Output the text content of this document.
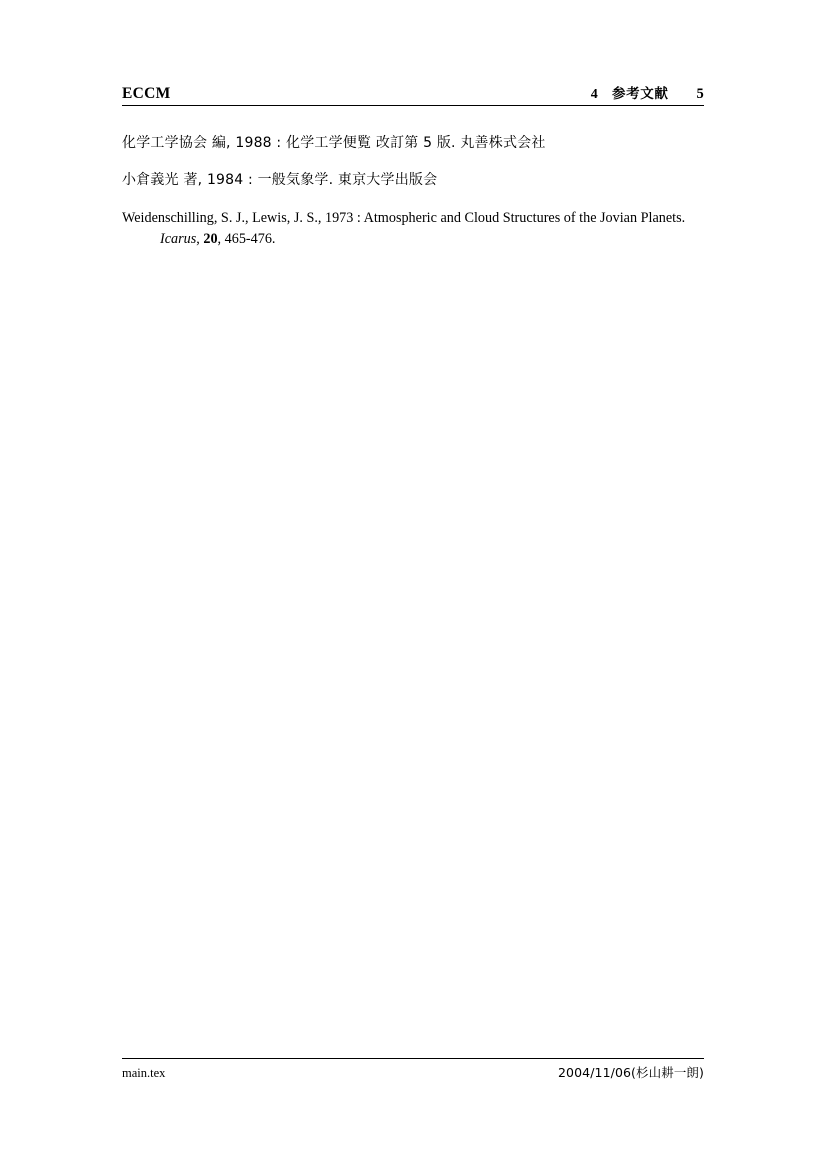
ECCM	4 参考文献 5
化学工学協会 編, 1988 : 化学工学便覧 改訂第 5 版. 丸善株式会社
小倉義光 著, 1984 : 一般気象学. 東京大学出版会
Weidenschilling, S. J., Lewis, J. S., 1973 : Atmospheric and Cloud Structures of the Jovian Planets. Icarus, 20, 465-476.
main.tex	2004/11/06(杉山耕一朗)
